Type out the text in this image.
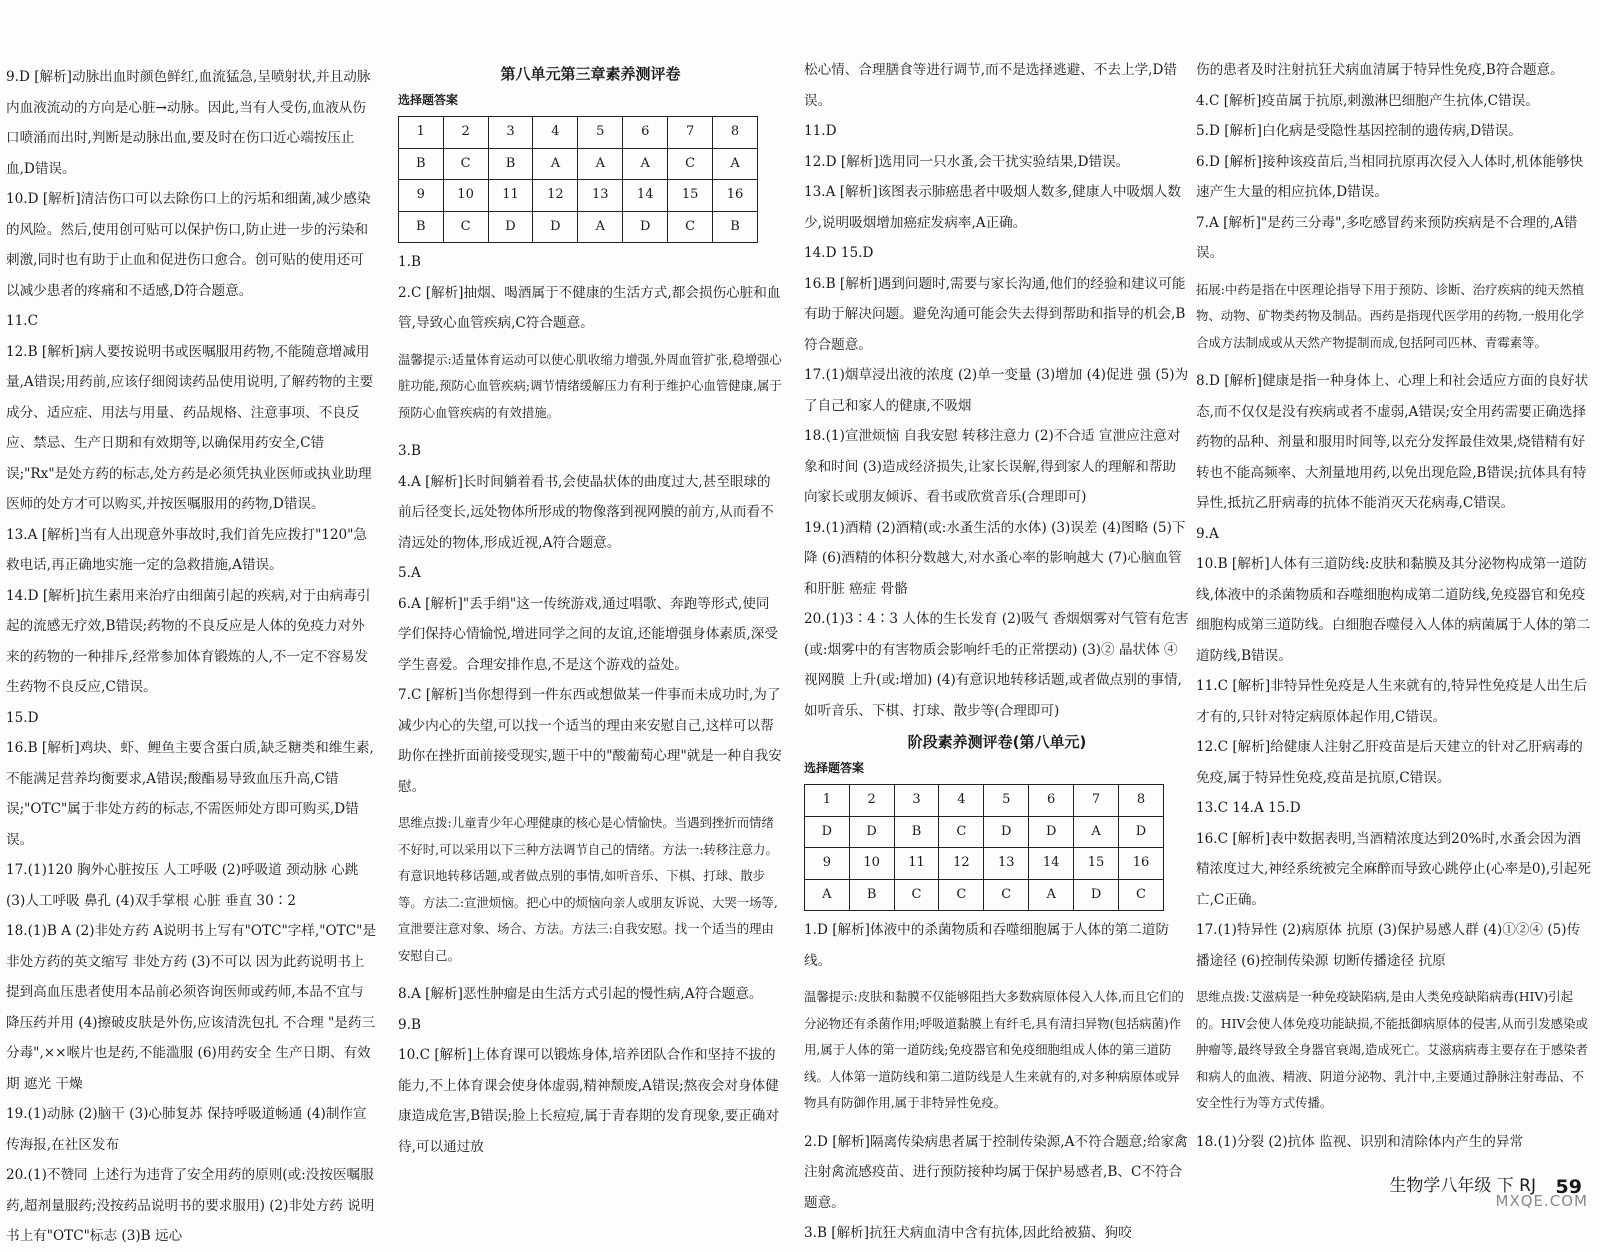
9.D [解析]动脉出血时颜色鲜红,血流猛急,呈喷射状,并且动脉内血液流动的方向是心脏→动脉。因此,当有人受伤,血液从伤口喷涌而出时,判断是动脉出血,要及时在伤口近心端按压止血,D错误。

10.D [解析]清洁伤口可以去除伤口上的污垢和细菌,减少感染的风险。然后,使用创可贴可以保护伤口,防止进一步的污染和刺激,同时也有助于止血和促进伤口愈合。创可贴的使用还可以减少患者的疼痛和不适感,D符合题意。

11.C

12.B [解析]病人要按说明书或医嘱服用药物,不能随意增减用量,A错误;用药前,应该仔细阅读药品使用说明,了解药物的主要成分、适应症、用法与用量、药品规格、注意事项、不良反应、禁忌、生产日期和有效期等,以确保用药安全,C错误;"Rx"是处方药的标志,处方药是必须凭执业医师或执业助理医师的处方才可以购买,并按医嘱服用的药物,D错误。

13.A [解析]当有人出现意外事故时,我们首先应拨打"120"急救电话,再正确地实施一定的急救措施,A错误。

14.D [解析]抗生素用来治疗由细菌引起的疾病,对于由病毒引起的流感无疗效,B错误;药物的不良反应是人体的免疫力对外来的药物的一种排斥,经常参加体育锻炼的人,不一定不容易发生药物不良反应,C错误。

15.D

16.B [解析]鸡块、虾、鲤鱼主要含蛋白质,缺乏糖类和维生素,不能满足营养均衡要求,A错误;酸酯易导致血压升高,C错误;"OTC"属于非处方药的标志,不需医师处方即可购买,D错误。

17.(1)120 胸外心脏按压 人工呼吸 (2)呼吸道 颈动脉 心跳 (3)人工呼吸 鼻孔 (4)双手掌根 心脏 垂直 30∶2

18.(1)B A (2)非处方药 A说明书上写有"OTC"字样,"OTC"是非处方药的英文缩写 非处方药 (3)不可以 因为此药说明书上提到高血压患者使用本品前必须咨询医师或药师,本品不宜与降压药并用 (4)擦破皮肤是外伤,应该清洗包扎 不合理 "是药三分毒",××喉片也是药,不能滥服 (6)用药安全 生产日期、有效期 遮光 干燥

19.(1)动脉 (2)脑干 (3)心肺复苏 保持呼吸道畅通 (4)制作宣传海报,在社区发布

20.(1)不赞同 上述行为违背了安全用药的原则(或:没按医嘱服药,超剂量服药;没按药品说明书的要求服用) (2)非处方药 说明书上有"OTC"标志 (3)B 远心

第八单元第三章素养测评卷
选择题答案
1	2	3	4	5	6	7	8
B	C	B	A	A	A	C	A
9	10	11	12	13	14	15	16
B	C	D	D	A	D	C	B

1.B

2.C [解析]抽烟、喝酒属于不健康的生活方式,都会损伤心脏和血管,导致心血管疾病,C符合题意。

温馨提示:适量体育运动可以使心肌收缩力增强,外周血管扩张,稳增强心脏功能,预防心血管疾病;调节情绪缓解压力有利于维护心血管健康,属于预防心血管疾病的有效措施。

3.B

4.A [解析]长时间躺着看书,会使晶状体的曲度过大,甚至眼球的前后径变长,远处物体所形成的物像落到视网膜的前方,从而看不清远处的物体,形成近视,A符合题意。

5.A

6.A [解析]"丢手绢"这一传统游戏,通过唱歌、奔跑等形式,使同学们保持心情愉悦,增进同学之间的友谊,还能增强身体素质,深受学生喜爱。合理安排作息,不是这个游戏的益处。

7.C [解析]当你想得到一件东西或想做某一件事而未成功时,为了减少内心的失望,可以找一个适当的理由来安慰自己,这样可以帮助你在挫折面前接受现实,题干中的"酸葡萄心理"就是一种自我安慰。

思维点拨:儿童青少年心理健康的核心是心情愉快。当遇到挫折而情绪不好时,可以采用以下三种方法调节自己的情绪。方法一:转移注意力。有意识地转移话题,或者做点别的事情,如听音乐、下棋、打球、散步等。方法二:宣泄烦恼。把心中的烦恼向亲人或朋友诉说、大哭一场等,宣泄要注意对象、场合、方法。方法三:自我安慰。找一个适当的理由安慰自己。

8.A [解析]恶性肿瘤是由生活方式引起的慢性病,A符合题意。

9.B

10.C [解析]上体育课可以锻炼身体,培养团队合作和坚持不拔的能力,不上体育课会使身体虚弱,精神颓废,A错误;熬夜会对身体健康造成危害,B错误;脸上长痘痘,属于青春期的发育现象,要正确对待,可以通过放

松心情、合理膳食等进行调节,而不是选择逃避、不去上学,D错误。

11.D

12.D [解析]选用同一只水蚤,会干扰实验结果,D错误。

13.A [解析]该图表示肺癌患者中吸烟人数多,健康人中吸烟人数少,说明吸烟增加癌症发病率,A正确。

14.D 15.D

16.B [解析]遇到问题时,需要与家长沟通,他们的经验和建议可能有助于解决问题。避免沟通可能会失去得到帮助和指导的机会,B符合题意。

17.(1)烟草浸出液的浓度 (2)单一变量 (3)增加 (4)促进 强 (5)为了自己和家人的健康,不吸烟

18.(1)宣泄烦恼 自我安慰 转移注意力 (2)不合适 宣泄应注意对象和时间 (3)造成经济损失,让家长误解,得到家人的理解和帮助 向家长或朋友倾诉、看书或欣赏音乐(合理即可)

19.(1)酒精 (2)酒精(或:水蚤生活的水体) (3)误差 (4)图略 (5)下降 (6)酒精的体积分数越大,对水蚤心率的影响越大 (7)心脑血管和肝脏 癌症 骨骼

20.(1)3∶4∶3 人体的生长发育 (2)吸气 香烟烟雾对气管有危害(或:烟雾中的有害物质会影响纤毛的正常摆动) (3)② 晶状体 ④ 视网膜 上升(或:增加) (4)有意识地转移话题,或者做点别的事情,如听音乐、下棋、打球、散步等(合理即可)

阶段素养测评卷(第八单元)
选择题答案
1	2	3	4	5	6	7	8
D	D	B	C	D	D	A	D
9	10	11	12	13	14	15	16
A	B	C	C	C	A	D	C

1.D [解析]体液中的杀菌物质和吞噬细胞属于人体的第二道防线。

温馨提示:皮肤和黏膜不仅能够阻挡大多数病原体侵入人体,而且它们的分泌物还有杀菌作用;呼吸道黏膜上有纤毛,具有清扫异物(包括病菌)作用,属于人体的第一道防线;免疫器官和免疫细胞组成人体的第三道防线。人体第一道防线和第二道防线是人生来就有的,对多种病原体或异物具有防御作用,属于非特异性免疫。

2.D [解析]隔离传染病患者属于控制传染源,A不符合题意;给家禽注射禽流感疫苗、进行预防接种均属于保护易感者,B、C不符合题意。

3.B [解析]抗狂犬病血清中含有抗体,因此给被猫、狗咬

伤的患者及时注射抗狂犬病血清属于特异性免疫,B符合题意。

4.C [解析]疫苗属于抗原,刺激淋巴细胞产生抗体,C错误。

5.D [解析]白化病是受隐性基因控制的遗传病,D错误。

6.D [解析]接种该疫苗后,当相同抗原再次侵入人体时,机体能够快速产生大量的相应抗体,D错误。

7.A [解析]"是药三分毒",多吃感冒药来预防疾病是不合理的,A错误。

拓展:中药是指在中医理论指导下用于预防、诊断、治疗疾病的纯天然植物、动物、矿物类药物及制品。西药是指现代医学用的药物,一般用化学合成方法制成或从天然产物提制而成,包括阿司匹林、青霉素等。

8.D [解析]健康是指一种身体上、心理上和社会适应方面的良好状态,而不仅仅是没有疾病或者不虚弱,A错误;安全用药需要正确选择药物的品种、剂量和服用时间等,以充分发挥最佳效果,烧错精有好转也不能高频率、大剂量地用药,以免出现危险,B错误;抗体具有特异性,抵抗乙肝病毒的抗体不能消灭天花病毒,C错误。

9.A

10.B [解析]人体有三道防线:皮肤和黏膜及其分泌物构成第一道防线,体液中的杀菌物质和吞噬细胞构成第二道防线,免疫器官和免疫细胞构成第三道防线。白细胞吞噬侵入人体的病菌属于人体的第二道防线,B错误。

11.C [解析]非特异性免疫是人生来就有的,特异性免疫是人出生后才有的,只针对特定病原体起作用,C错误。

12.C [解析]给健康人注射乙肝疫苗是后天建立的针对乙肝病毒的免疫,属于特异性免疫,疫苗是抗原,C错误。

13.C 14.A 15.D

16.C [解析]表中数据表明,当酒精浓度达到20%时,水蚤会因为酒精浓度过大,神经系统被完全麻醉而导致心跳停止(心率是0),引起死亡,C正确。

17.(1)特异性 (2)病原体 抗原 (3)保护易感人群 (4)①②④ (5)传播途径 (6)控制传染源 切断传播途径 抗原

思维点拨:艾滋病是一种免疫缺陷病,是由人类免疫缺陷病毒(HIV)引起的。HIV会使人体免疫功能缺损,不能抵御病原体的侵害,从而引发感染或肿瘤等,最终导致全身器官衰竭,造成死亡。艾滋病病毒主要存在于感染者和病人的血液、精液、阴道分泌物、乳汁中,主要通过静脉注射毒品、不安全性行为等方式传播。

18.(1)分裂 (2)抗体 监视、识别和清除体内产生的异常

生物学八年级 下 RJ 59
MXQE.COM
